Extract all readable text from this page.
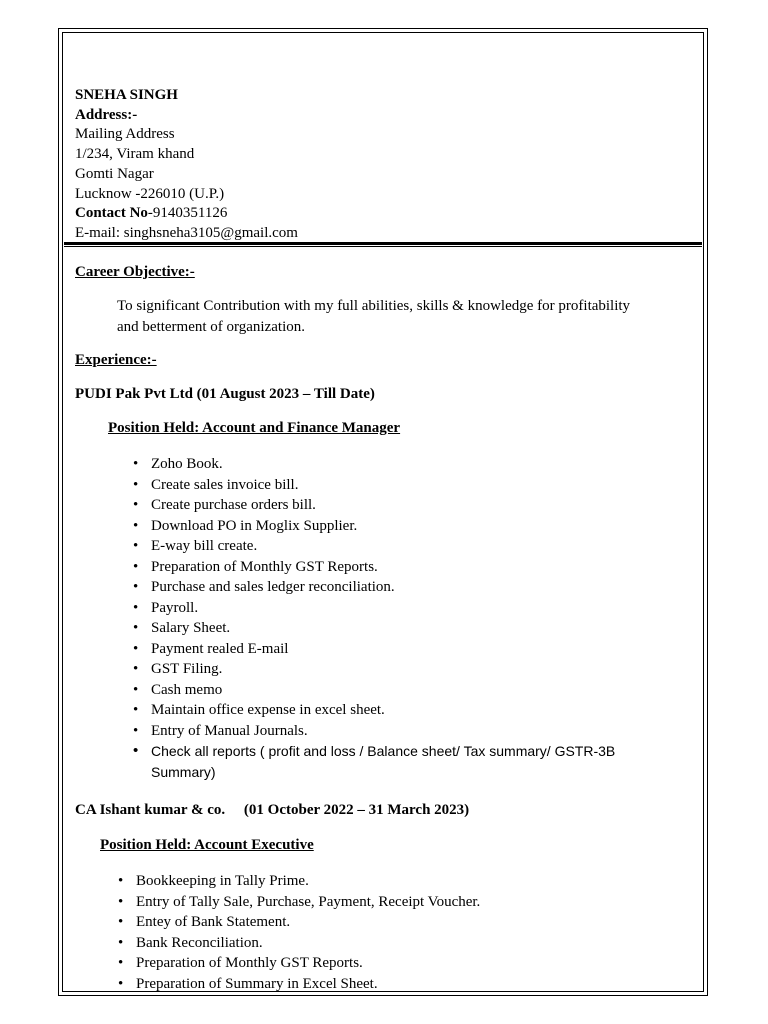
SNEHA SINGH
Address:-
Mailing Address
1/234, Viram khand
Gomti Nagar
Lucknow -226010 (U.P.)
Contact No-9140351126
E-mail: singhsneha3105@gmail.com
Career Objective:-
To significant Contribution with my full abilities, skills & knowledge for profitability
and betterment of organization.
Experience:-
PUDI Pak Pvt Ltd (01 August 2023 – Till Date)
Position Held: Account and Finance Manager
• Zoho Book.
• Create sales invoice bill.
• Create purchase orders bill.
• Download PO in Moglix Supplier.
• E-way bill create.
• Preparation of Monthly GST Reports.
• Purchase and sales ledger reconciliation.
• Payroll.
• Salary Sheet.
• Payment realed E-mail
• GST Filing.
• Cash memo
• Maintain office expense in excel sheet.
• Entry of Manual Journals.
• Check all reports ( profit and loss / Balance sheet/ Tax summary/ GSTR-3B
Summary)
CA Ishant kumar & co.     (01 October 2022 – 31 March 2023)
Position Held: Account Executive
• Bookkeeping in Tally Prime.
• Entry of Tally Sale, Purchase, Payment, Receipt Voucher.
• Entey of Bank Statement.
• Bank Reconciliation.
• Preparation of Monthly GST Reports.
• Preparation of Summary in Excel Sheet.
